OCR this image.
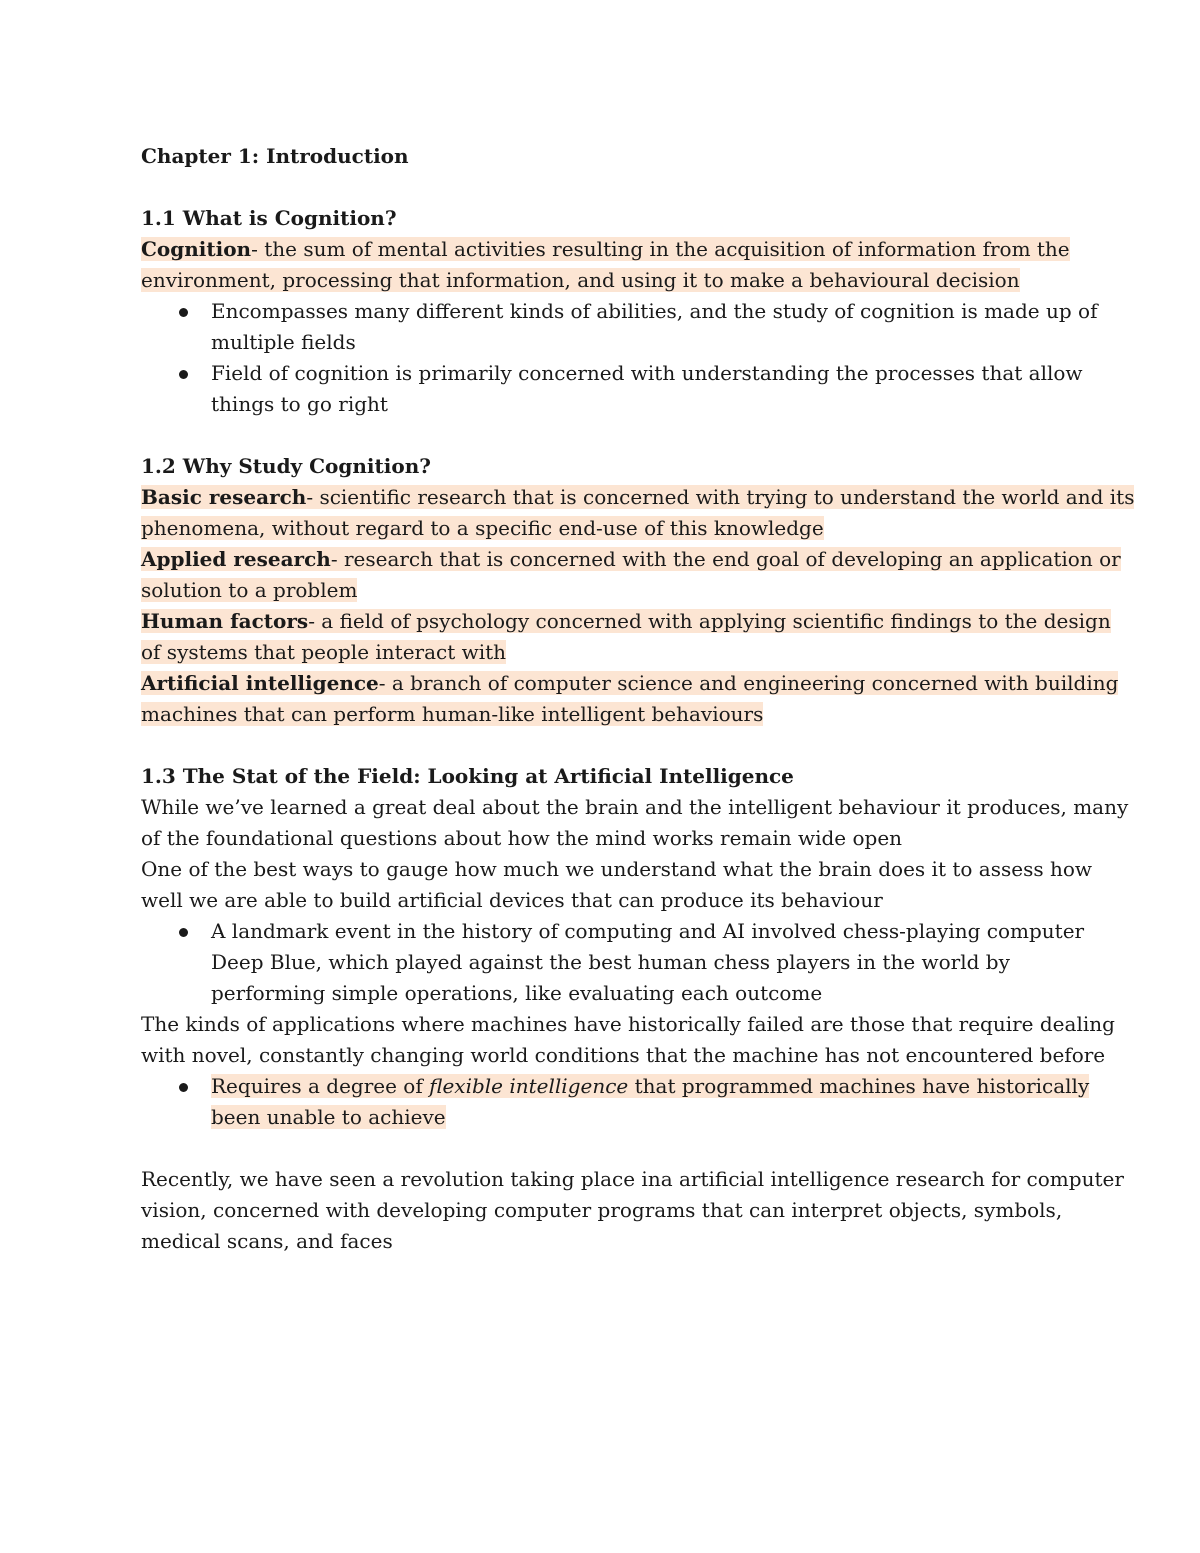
Chapter 1: Introduction
1.1 What is Cognition?
Cognition- the sum of mental activities resulting in the acquisition of information from the
environment, processing that information, and using it to make a behavioural decision
Encompasses many different kinds of abilities, and the study of cognition is made up of
multiple fields
Field of cognition is primarily concerned with understanding the processes that allow
things to go right
1.2 Why Study Cognition?
Basic research- scientific research that is concerned with trying to understand the world and its
phenomena, without regard to a specific end-use of this knowledge
Applied research- research that is concerned with the end goal of developing an application or
solution to a problem
Human factors- a field of psychology concerned with applying scientific findings to the design
of systems that people interact with
Artificial intelligence- a branch of computer science and engineering concerned with building
machines that can perform human-like intelligent behaviours
1.3 The Stat of the Field: Looking at Artificial Intelligence
While we’ve learned a great deal about the brain and the intelligent behaviour it produces, many
of the foundational questions about how the mind works remain wide open
One of the best ways to gauge how much we understand what the brain does it to assess how
well we are able to build artificial devices that can produce its behaviour
A landmark event in the history of computing and AI involved chess-playing computer
Deep Blue, which played against the best human chess players in the world by
performing simple operations, like evaluating each outcome
The kinds of applications where machines have historically failed are those that require dealing
with novel, constantly changing world conditions that the machine has not encountered before
Requires a degree of flexible intelligence that programmed machines have historically
been unable to achieve
Recently, we have seen a revolution taking place ina artificial intelligence research for computer
vision, concerned with developing computer programs that can interpret objects, symbols,
medical scans, and faces
